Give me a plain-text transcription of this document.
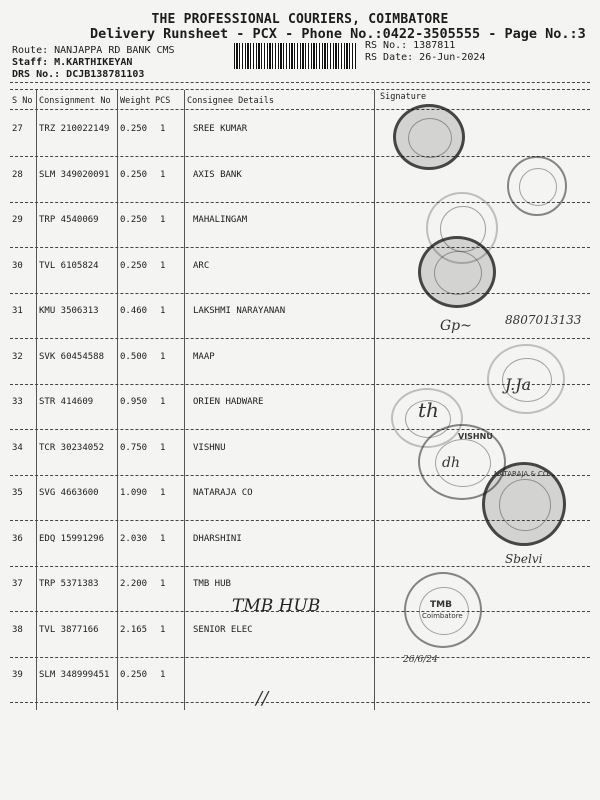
THE PROFESSIONAL COURIERS, COIMBATORE
Delivery Runsheet - PCX - Phone No.:0422-3505555 - Page No.:3
Route: NANJAPPA RD BANK CMS
Staff: M.KARTHIKEYAN
DRS No.: DCJB138781103
RS No.: 1387811
RS Date: 26-Jun-2024
S No Consignment No Weight PCS Consignee Details	Signature
27 TRZ 210022149 0.250 1	SREE KUMAR
28 SLM 349020091 0.250 1	AXIS BANK
29 TRP 4540069 0.250 1	MAHALINGAM
30 TVL 6105824 0.250 1	ARC
31 KMU 3506313 0.460 1	LAKSHMI NARAYANAN
32 SVK 60454588 0.500 1	MAAP
33 STR 414609	0.950 1	ORIEN HADWARE
34 TCR 30234052 0.750 1	VISHNU
35 SVG 4663600 1.090 1	NATARAJA CO
36 EDQ 15991296 2.030 1	DHARSHINI
37 TRP 5371383 2.200 1	TMB HUB
38 TVL 3877166 2.165 1	SENIOR ELEC
39 SLM 348999451 0.250 1
Gp~	8807013133
J.Ja
th
VISHNU
dh
NATARAJA & CO.
Sbelvi
TMB
Coimbatore
TMB HUB
26/6/24
//
